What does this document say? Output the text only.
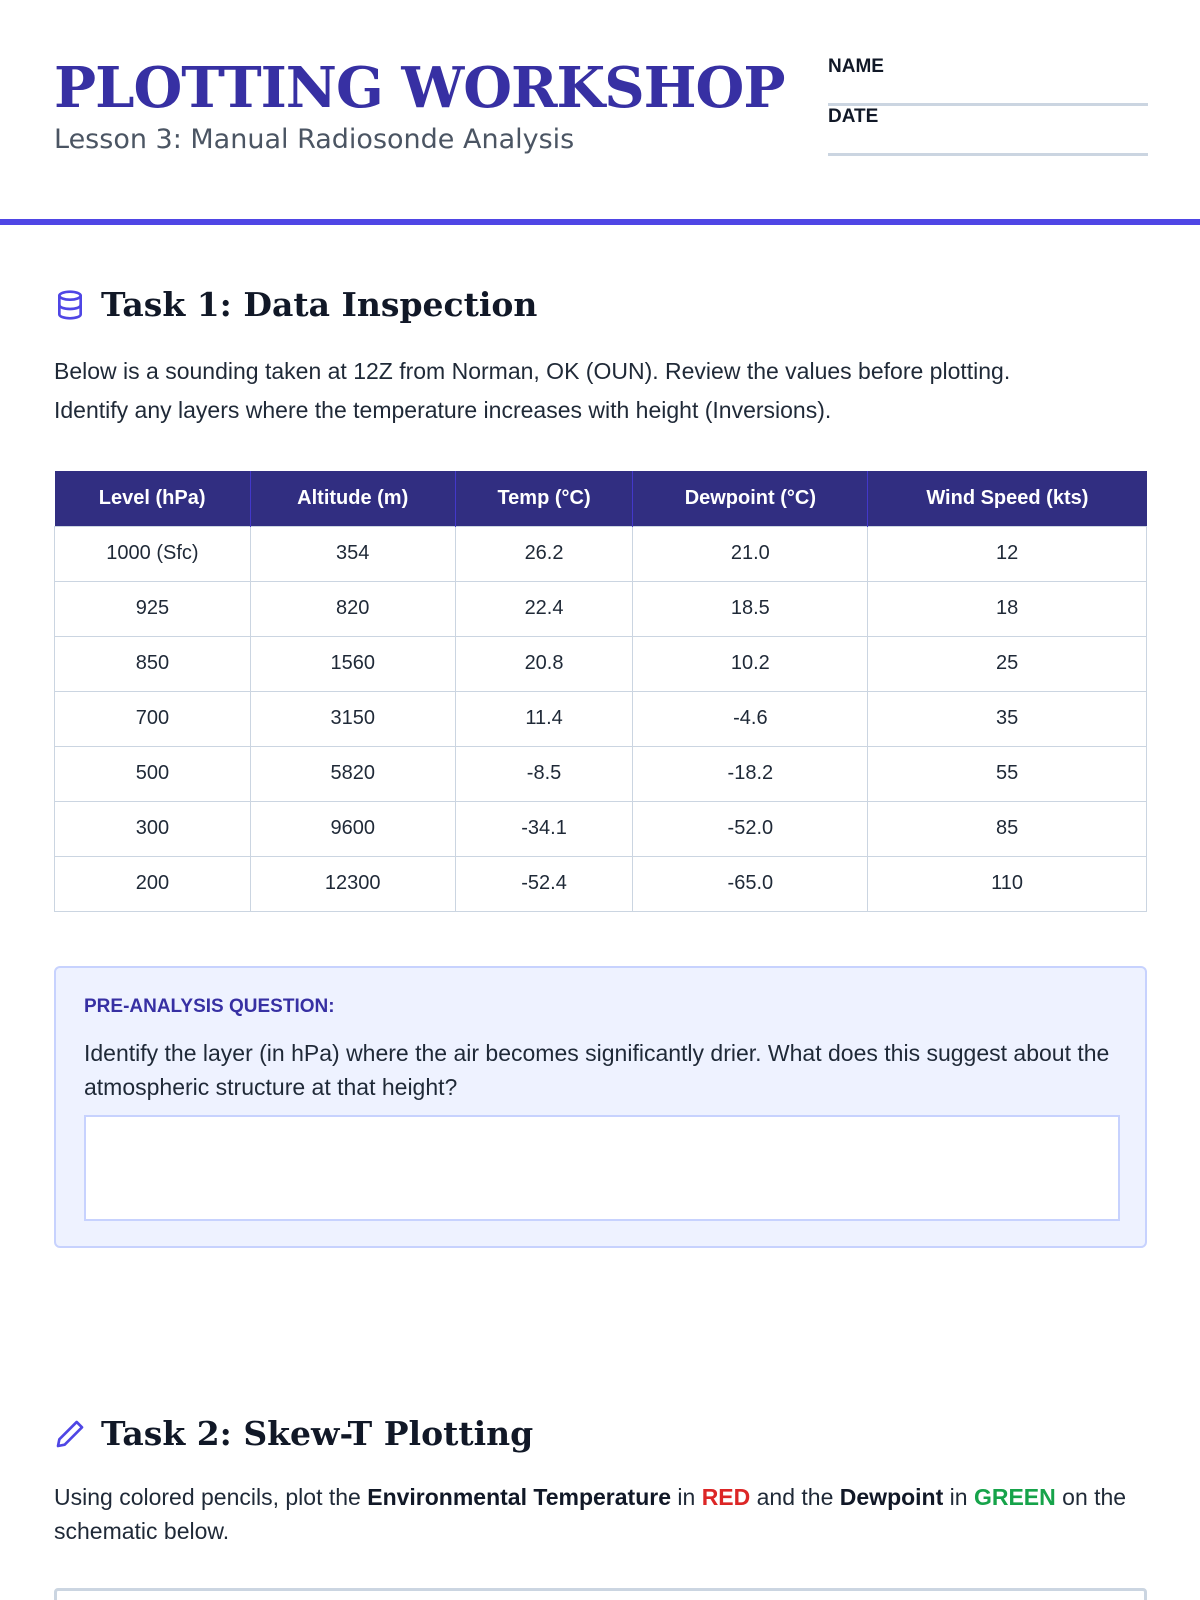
PLOTTING WORKSHOP
Lesson 3: Manual Radiosonde Analysis
NAME
DATE
Task 1: Data Inspection
Below is a sounding taken at 12Z from Norman, OK (OUN). Review the values before plotting.
Identify any layers where the temperature increases with height (Inversions).
Level (hPa)	Altitude (m)	Temp (°C)	Dewpoint (°C)	Wind Speed (kts)
1000 (Sfc)	354	26.2	21.0	12
925	820	22.4	18.5	18
850	1560	20.8	10.2	25
700	3150	11.4	-4.6	35
500	5820	-8.5	-18.2	55
300	9600	-34.1	-52.0	85
200	12300	-52.4	-65.0	110
PRE-ANALYSIS QUESTION:
Identify the layer (in hPa) where the air becomes significantly drier. What does this suggest about the atmospheric structure at that height?
Task 2: Skew-T Plotting
Using colored pencils, plot the Environmental Temperature in RED and the Dewpoint in GREEN on the schematic below.
